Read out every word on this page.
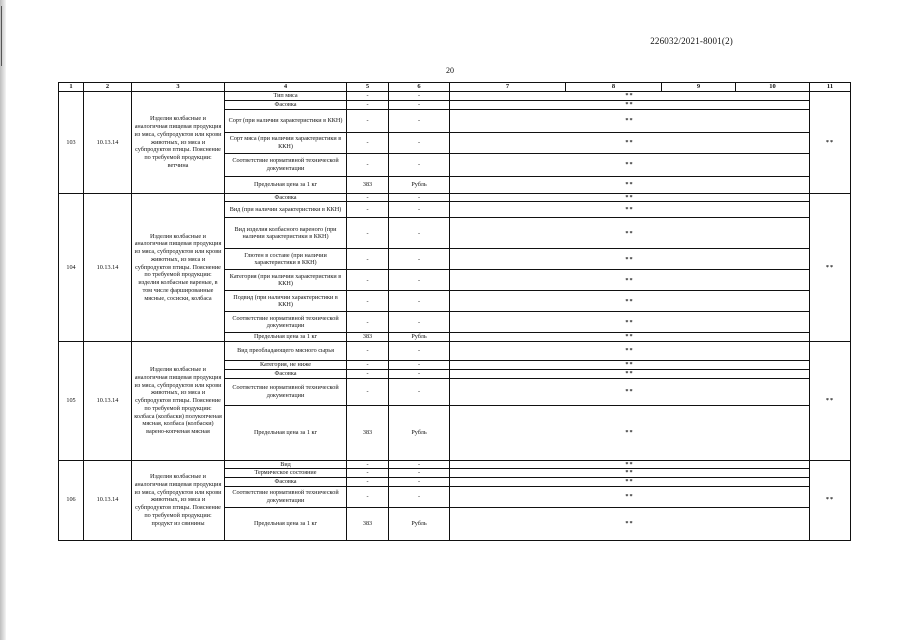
226032/2021-8001(2)
20
1	2	3	4	5	6	7	8	9	10	11
103	10.13.14	Изделия колбасные и аналогичная пищевая продукция из мяса, субпродуктов или крови животных, из мяса и субпродуктов птицы. Пояснение по требуемой продукции: ветчина	Тип мяса	-	-	**				**
			Фасовка	-	-	**				
			Сорт (при наличии характеристики в ККН)	-	-	**				
			Сорт мяса (при наличии характеристики в ККН)	-	-	**				
			Соответствие нормативной технической документации	-	-	**				
			Предельная цена за 1 кг	383	Рубль	**				
104	10.13.14	Изделия колбасные и аналогичная пищевая продукция из мяса, субпродуктов или крови животных, из мяса и субпродуктов птицы. Пояснение по требуемой продукции: изделия колбасные вареные, в том числе фаршированные мясные, сосиски, колбаса	Фасовка	-	-	**				**
			Вид (при наличии характеристики в ККН)	-	-	**				
			Вид изделия колбасного вареного (при наличии характеристики в ККН)	-	-	**				
			Глютен в составе (при наличии характеристики в ККН)	-	-	**				
			Категория (при наличии характеристики в ККН)	-	-	**				
			Подвид (при наличии характеристики в ККН)	-	-	**				
			Соответствие нормативной технической документации	-	-	**				
			Предельная цена за 1 кг	383	Рубль	**				
105	10.13.14	Изделия колбасные и аналогичная пищевая продукция из мяса, субпродуктов или крови животных, из мяса и субпродуктов птицы. Пояснение по требуемой продукции: колбаса (колбаски) полукопченая мясная, колбаса (колбаски) варено-копченая мясная	Вид преобладающего мясного сырья	-	-	**				**
			Категория, не ниже	-	-	**				
			Фасовка	-	-	**				
			Соответствие нормативной технической документации	-	-	**				
			Предельная цена за 1 кг	383	Рубль	**				
106	10.13.14	Изделия колбасные и аналогичная пищевая продукция из мяса, субпродуктов или крови животных, из мяса и субпродуктов птицы. Пояснение по требуемой продукции: продукт из свинины	Вид	-	-	**				**
			Термическое состояние	-	-	**				
			Фасовка	-	-	**				
			Соответствие нормативной технической документации	-	-	**				
			Предельная цена за 1 кг	383	Рубль	**				
